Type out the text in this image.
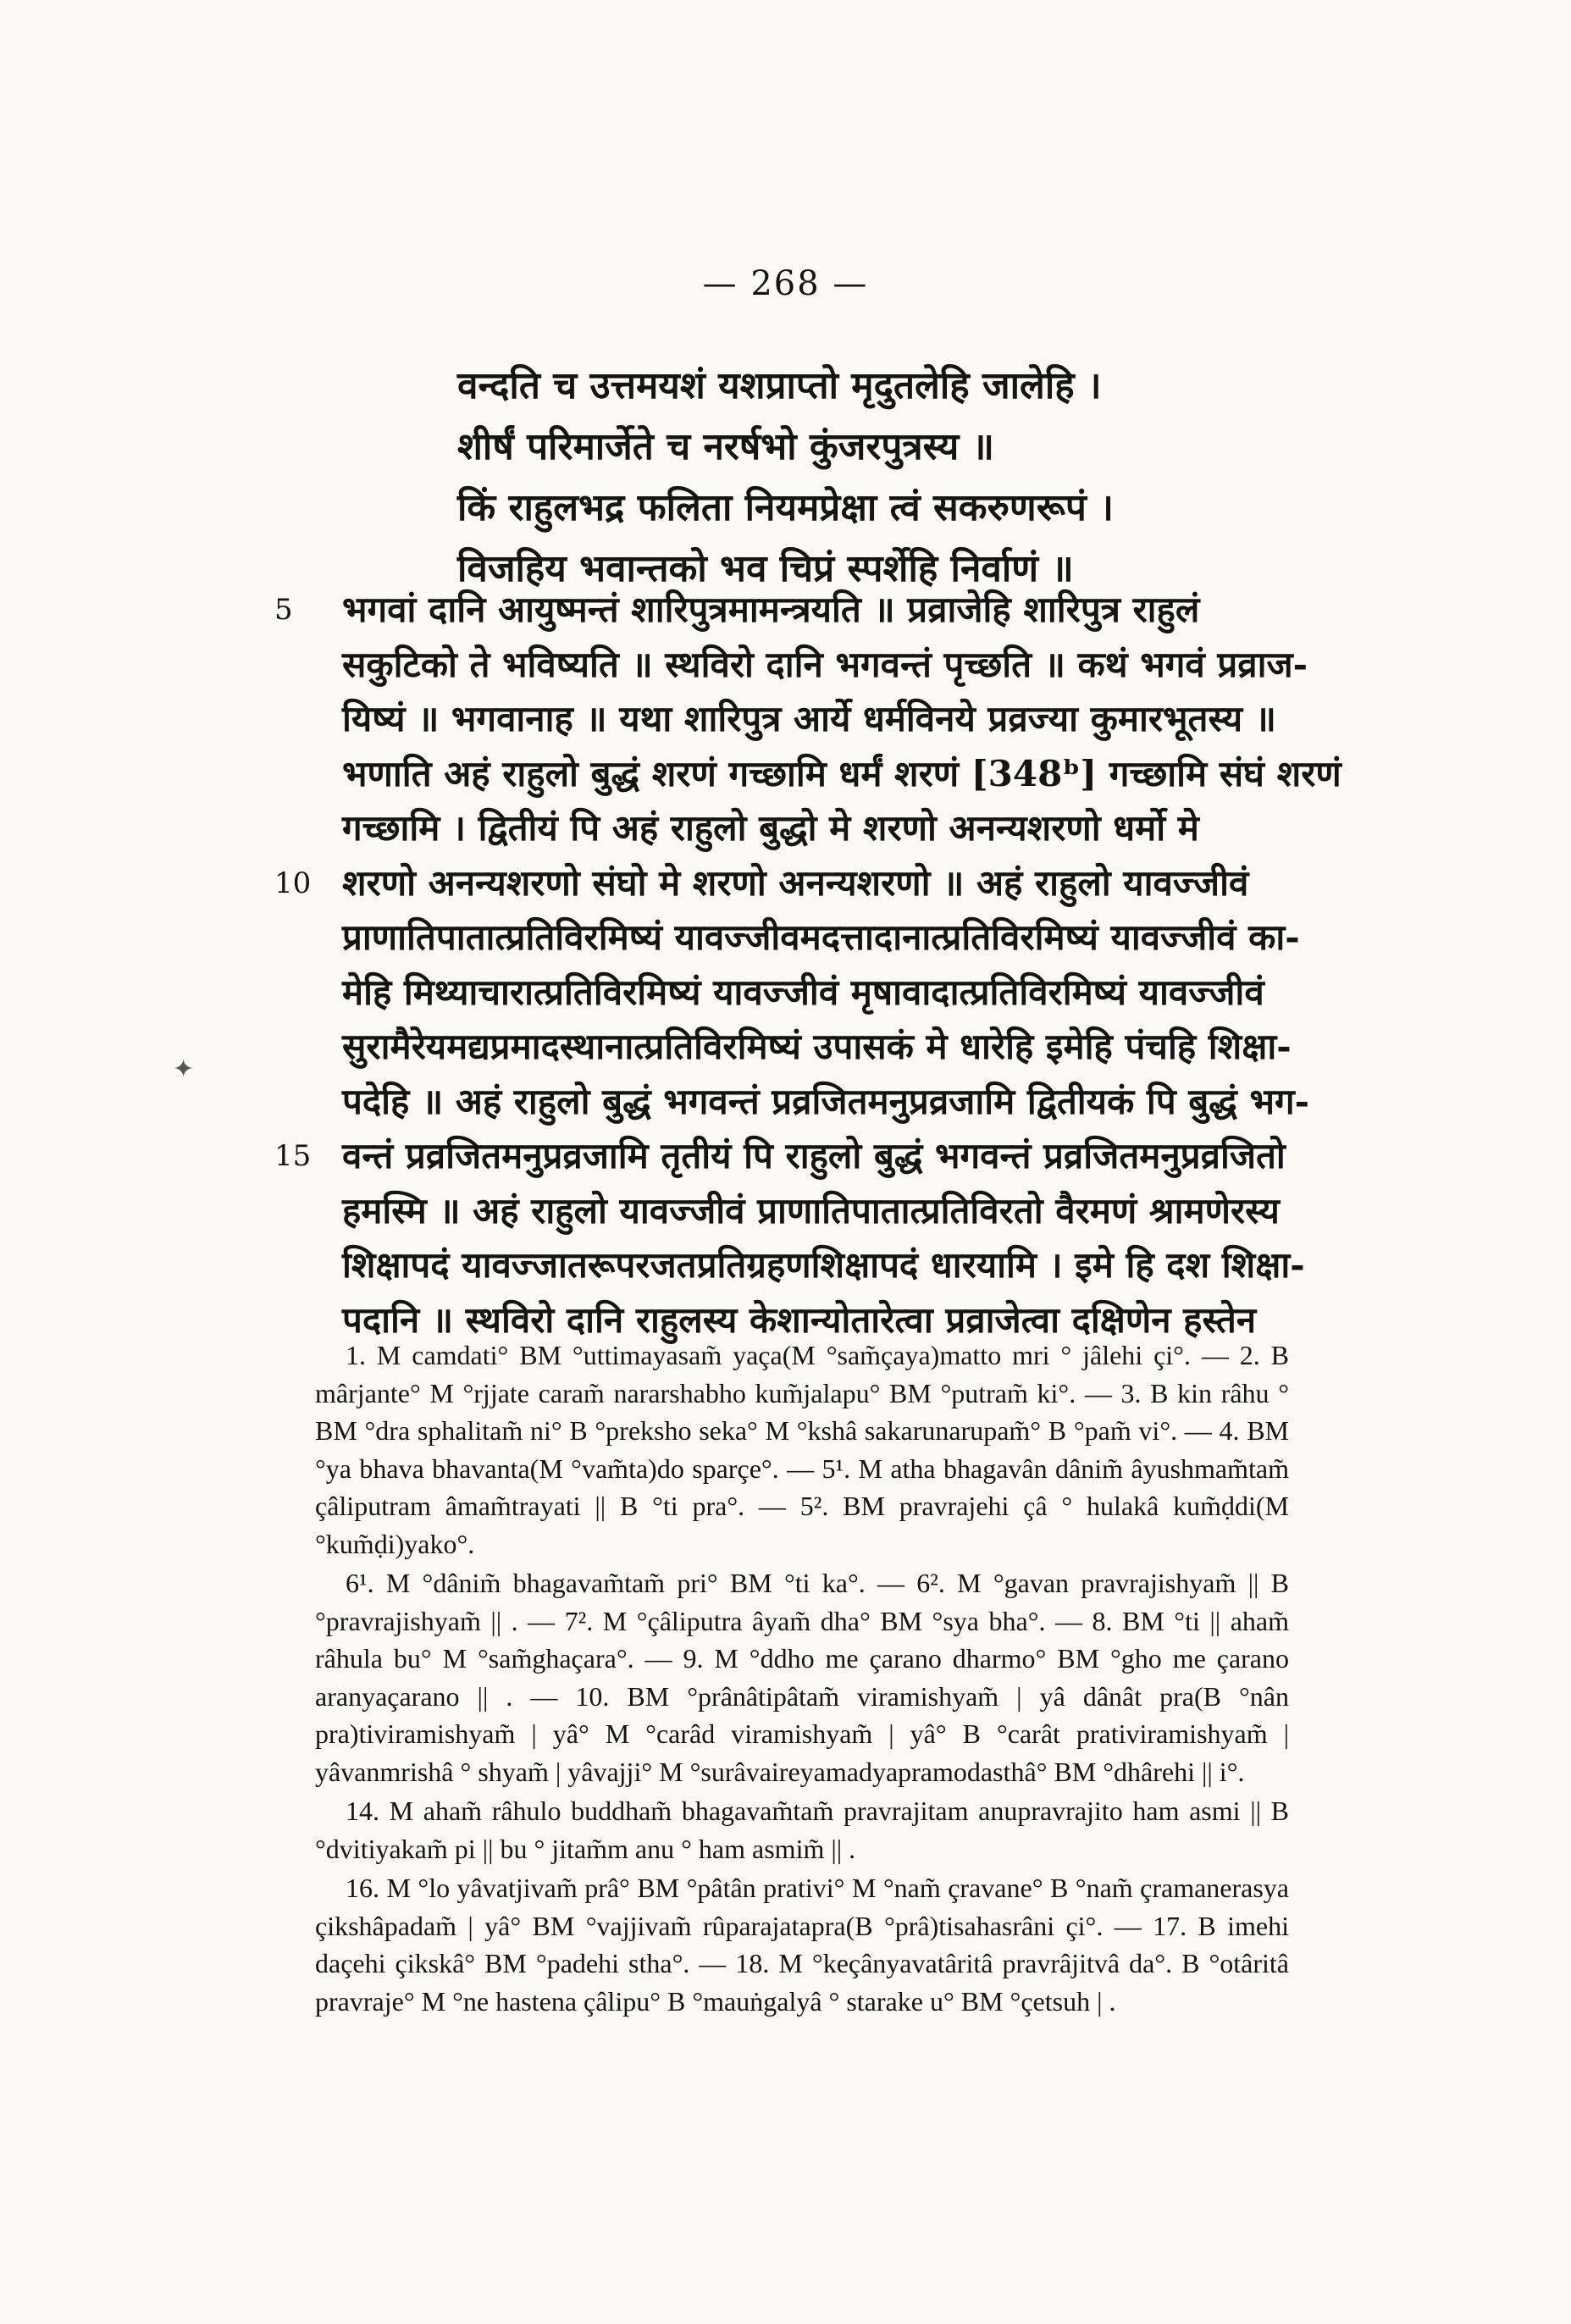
— 268 —
वन्दति च उत्तमयशं यशप्राप्तो मृदुतलेहि जालेहि ।
शीर्षं परिमार्जेते च नरर्षभो कुंजरपुत्रस्य ॥
किं राहुलभद्र फलिता नियमप्रेक्षा त्वं सकरुणरूपं ।
विजहिय भवान्तको भव चिप्रं स्पर्शेहि निर्वाणं ॥
5	भगवां दानि आयुष्मन्तं शारिपुत्रमामन्त्रयति ॥ प्रव्राजेहि शारिपुत्र राहुलं
सकुटिको ते भविष्यति ॥ स्थविरो दानि भगवन्तं पृच्छति ॥ कथं भगवं प्रव्राज-
यिष्यं ॥ भगवानाह ॥ यथा शारिपुत्र आर्ये धर्मविनये प्रव्रज्या कुमारभूतस्य ॥
भणाति अहं राहुलो बुद्धं शरणं गच्छामि धर्मं शरणं [348ᵇ] गच्छामि संघं शरणं
गच्छामि । द्वितीयं पि अहं राहुलो बुद्धो मे शरणो अनन्यशरणो धर्मो मे
10 शरणो अनन्यशरणो संघो मे शरणो अनन्यशरणो ॥ अहं राहुलो यावज्जीवं
प्राणातिपातात्प्रतिविरमिष्यं यावज्जीवमदत्तादानात्प्रतिविरमिष्यं यावज्जीवं का-
मेहि मिथ्याचारात्प्रतिविरमिष्यं यावज्जीवं मृषावादात्प्रतिविरमिष्यं यावज्जीवं
सुरामैरेयमद्यप्रमादस्थानात्प्रतिविरमिष्यं उपासकं मे धारेहि इमेहि पंचहि शिक्षा-
पदेहि ॥ अहं राहुलो बुद्धं भगवन्तं प्रव्रजितमनुप्रव्रजामि द्वितीयकं पि बुद्धं भग-
15 वन्तं प्रव्रजितमनुप्रव्रजामि तृतीयं पि राहुलो बुद्धं भगवन्तं प्रव्रजितमनुप्रव्रजितो
हमस्मि ॥ अहं राहुलो यावज्जीवं प्राणातिपातात्प्रतिविरतो वैरमणं श्रामणेरस्य
शिक्षापदं यावज्जातरूपरजतप्रतिग्रहणशिक्षापदं धारयामि । इमे हि दश शिक्षा-
पदानि ॥ स्थविरो दानि राहुलस्य केशान्योतारेत्वा प्रव्राजेत्वा दक्षिणेन हस्तेन

1. M camdati° BM °uttimayasam̃ yaça(M °sam̃çaya)matto mri ° jâlehi çi°. — 2. B mârjante° M °rjjate caram̃ nararshabho kum̃jalapu° BM °putram̃ ki°. — 3. B kin râhu ° BM °dra sphalitam̃ ni° B °preksho seka° M °kshâ sakarunarupam̃° B °pam̃ vi°. — 4. BM °ya bhava bhavanta(M °vam̃ta)do sparçe°. — 5¹. M atha bhagavân dânim̃ âyushmam̃tam̃ çâliputram âmam̃trayati || B °ti pra°. — 5². BM pravrajehi çâ ° hulakâ kum̃ḍdi(M °kum̃ḍi)yako°.

6¹. M °dânim̃ bhagavam̃tam̃ pri° BM °ti ka°. — 6². M °gavan pravrajishyam̃ || B °pravrajishyam̃ || . — 7². M °çâliputra âyam̃ dha° BM °sya bha°. — 8. BM °ti || aham̃ râhula bu° M °sam̃ghaçara°. — 9. M °ddho me çarano dharmo° BM °gho me çarano aranyaçarano || . — 10. BM °prânâtipâtam̃ viramishyam̃ | yâ dânât pra(B °nân pra)tiviramishyam̃ | yâ° M °carâd viramishyam̃ | yâ° B °carât prativiramishyam̃ | yâvanmrishâ ° shyam̃ | yâvajji° M °surâvaireyamadyapramodasthâ° BM °dhârehi || i°.

14. M aham̃ râhulo buddham̃ bhagavam̃tam̃ pravrajitam anupravrajito ham asmi || B °dvitiyakam̃ pi || bu ° jitam̃m anu ° ham asmim̃ || .

16. M °lo yâvatjivam̃ prâ° BM °pâtân prativi° M °nam̃ çravane° B °nam̃ çramanerasya çikshâpadam̃ | yâ° BM °vajjivam̃ rûparajatapra(B °prâ)tisahasrâni çi°. — 17. B imehi daçehi çikskâ° BM °padehi stha°. — 18. M °keçânyavatâritâ pravrâjitvâ da°. B °otâritâ pravraje° M °ne hastena çâlipu° B °mauṅgalyâ ° starake u° BM °çetsuh | .

✦
